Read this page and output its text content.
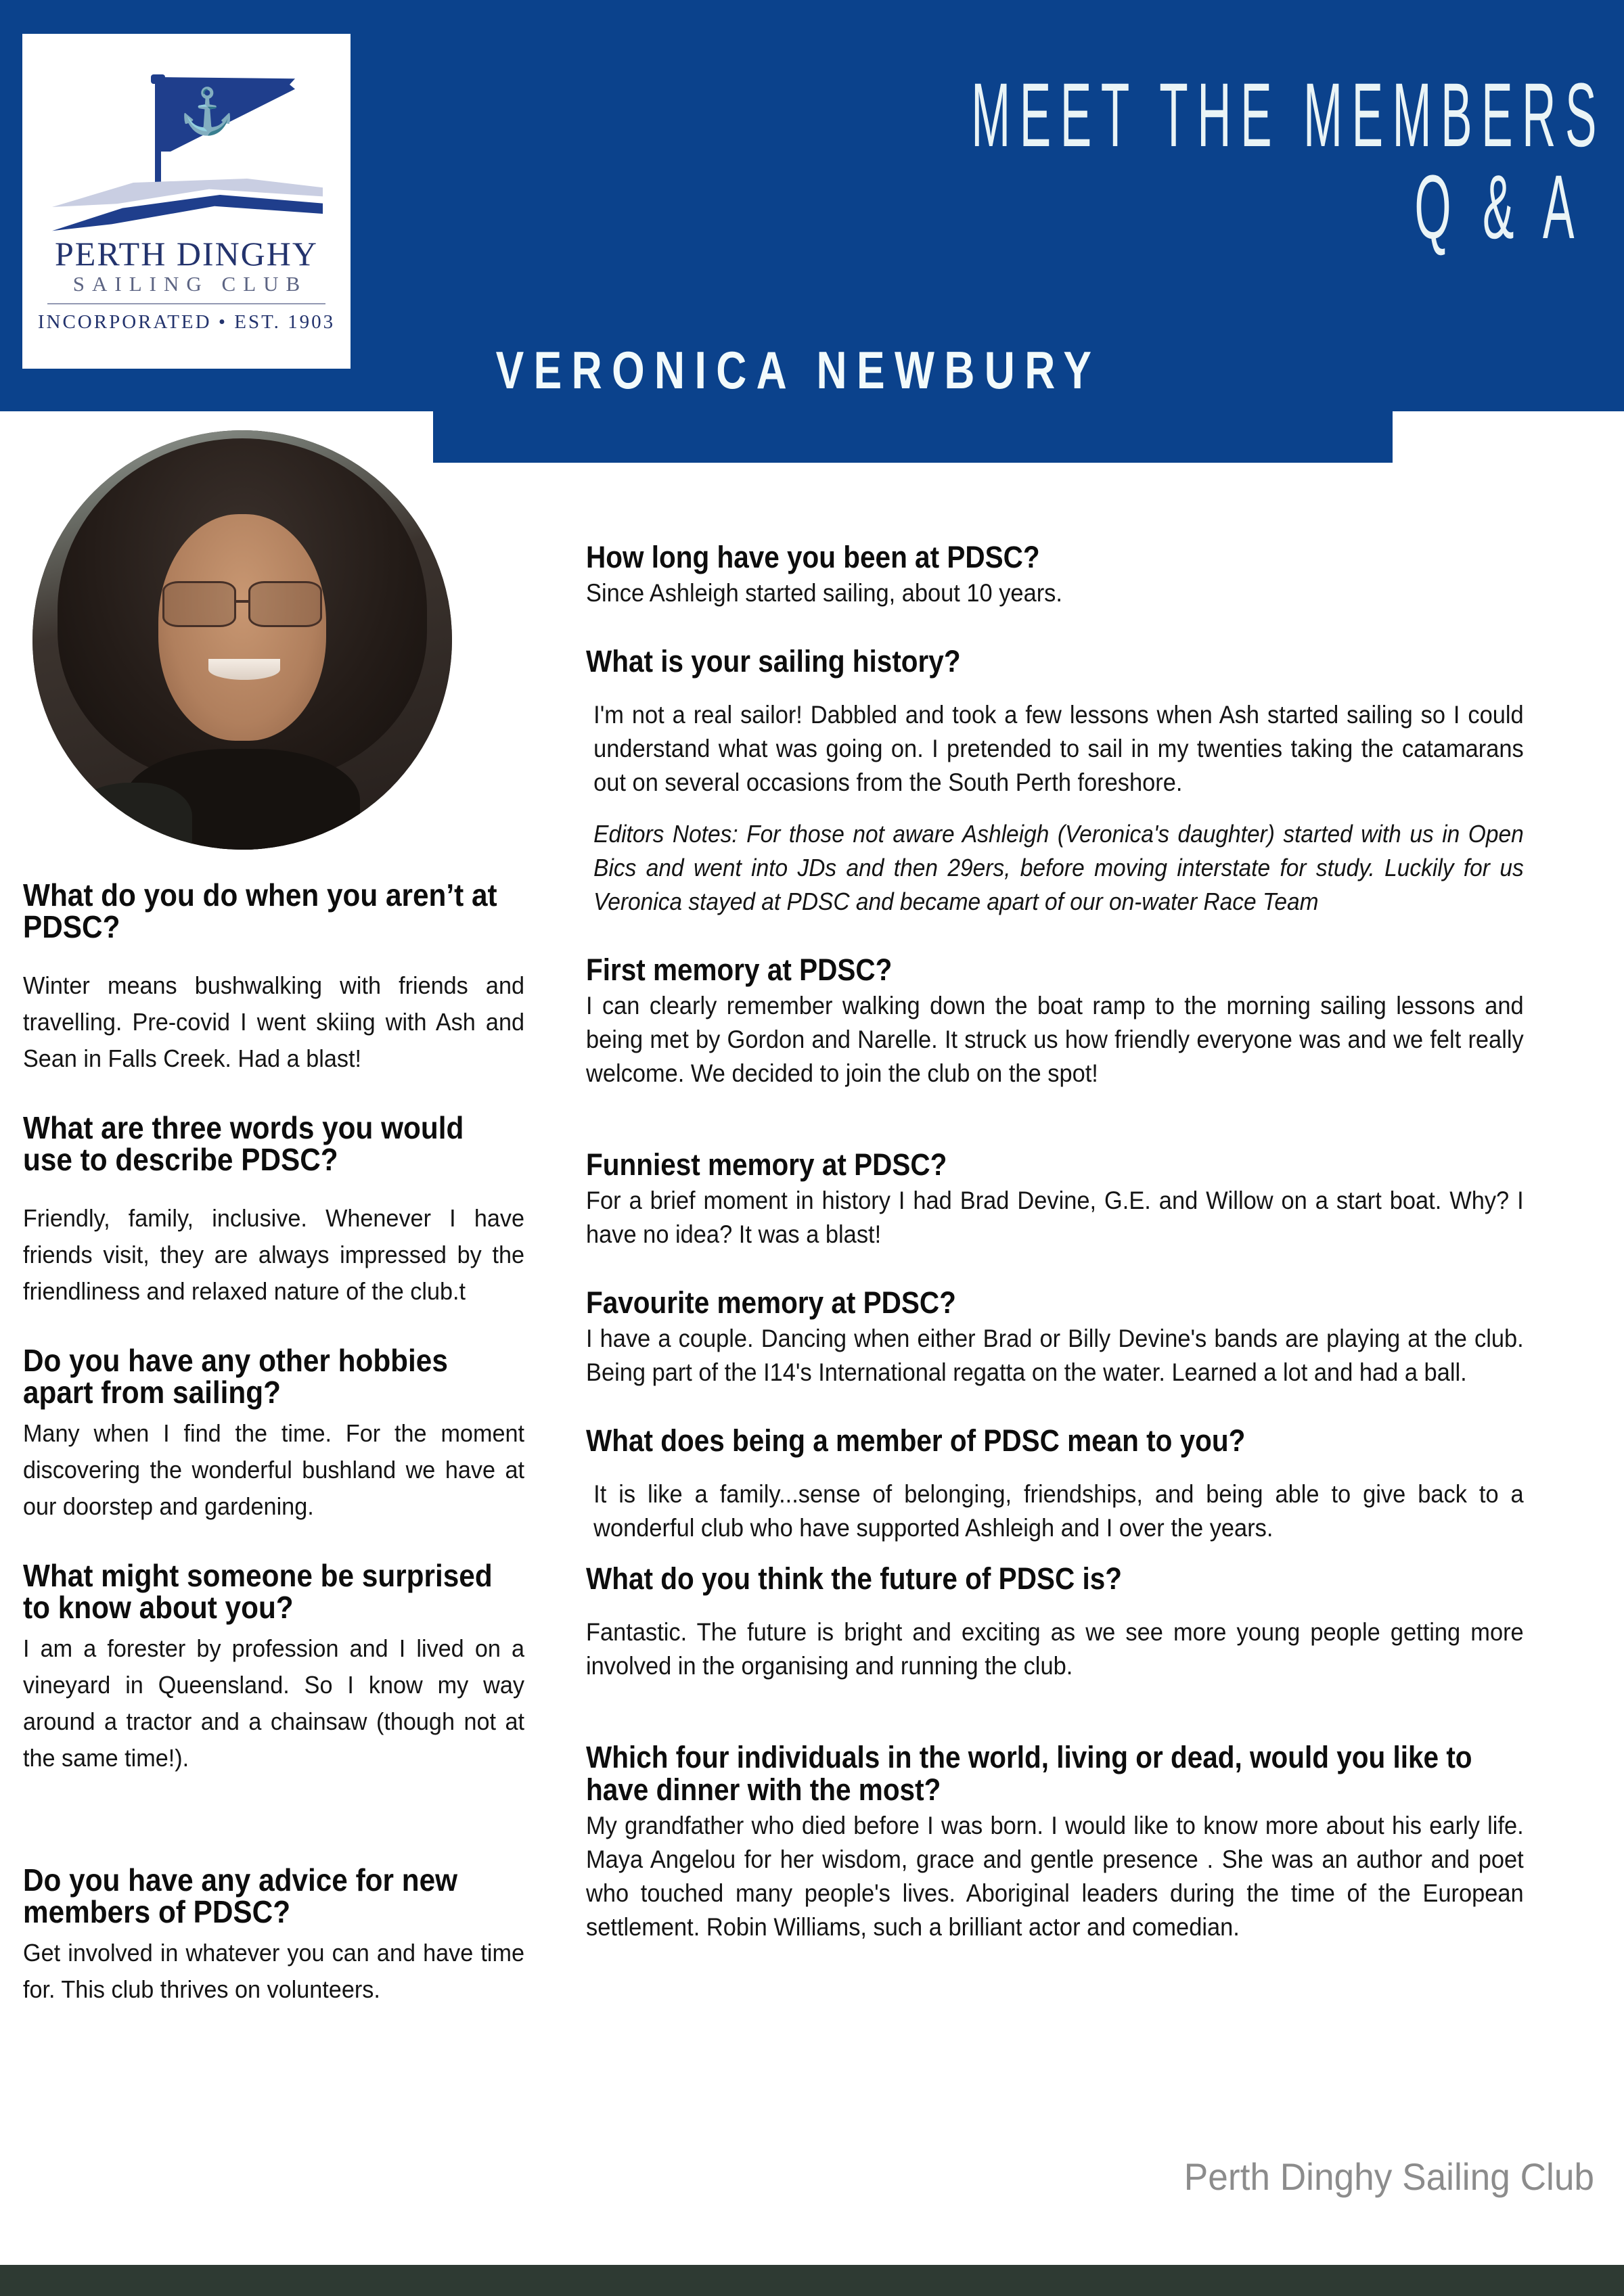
⚓
PERTH DINGHY
SAILING CLUB
INCORPORATED • EST. 1903
MEET THE MEMBERS
Q & A
VERONICA NEWBURY
What do you do when you aren’t at PDSC?

Winter means bushwalking with friends and travelling. Pre-covid I went skiing with Ash and Sean in Falls Creek. Had a blast!

What are three words you would use to describe PDSC?

Friendly, family, inclusive. Whenever I have friends visit, they are always impressed by the friendliness and relaxed nature of the club.t

Do you have any other hobbies apart from sailing?

Many when I find the time. For the moment discovering the wonderful bushland we have at our doorstep and gardening.

What might someone be surprised to know about you?

I am a forester by profession and I lived on a vineyard in Queensland. So I know my way around a tractor and a chainsaw (though not at the same time!).

Do you have any advice for new members of PDSC?

Get involved in whatever you can and have time for. This club thrives on volunteers.

How long have you been at PDSC?

Since Ashleigh started sailing, about 10 years.

What is your sailing history?

I'm not a real sailor! Dabbled and took a few lessons when Ash started sailing so I could understand what was going on. I pretended to sail in my twenties taking the catamarans out on several occasions from the South Perth foreshore.

Editors Notes: For those not aware Ashleigh (Veronica's daughter) started with us in Open Bics and went into JDs and then 29ers, before moving interstate for study. Luckily for us Veronica stayed at PDSC and became apart of our on-water Race Team

First memory at PDSC?

I can clearly remember walking down the boat ramp to the morning sailing lessons and being met by Gordon and Narelle. It struck us how friendly everyone was and we felt really welcome. We decided to join the club on the spot!

Funniest memory at PDSC?

For a brief moment in history I had Brad Devine, G.E. and Willow on a start boat. Why? I have no idea? It was a blast!

Favourite memory at PDSC?

I have a couple. Dancing when either Brad or Billy Devine's bands are playing at the club. Being part of the I14's International regatta on the water. Learned a lot and had a ball.

What does being a member of PDSC mean to you?

It is like a family...sense of belonging, friendships, and being able to give back to a wonderful club who have supported Ashleigh and I over the years.

What do you think the future of PDSC is?

Fantastic. The future is bright and exciting as we see more young people getting more involved in the organising and running the club.

Which four individuals in the world, living or dead, would you like to have dinner with the most?

My grandfather who died before I was born. I would like to know more about his early life. Maya Angelou for her wisdom, grace and gentle presence . She was an author and poet who touched many people's lives. Aboriginal leaders during the time of the European settlement. Robin Williams, such a brilliant actor and comedian.

Perth Dinghy Sailing Club
